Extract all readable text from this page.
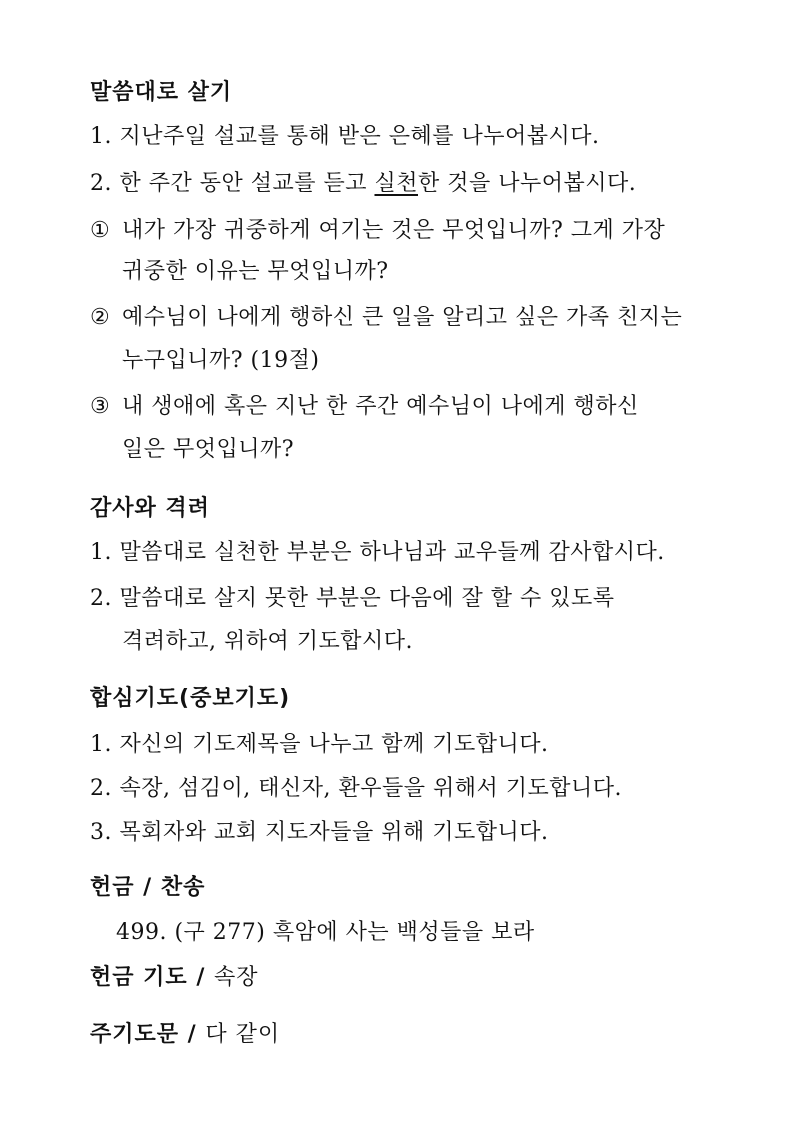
말씀대로 살기
1. 지난주일 설교를 통해 받은 은혜를 나누어봅시다.
2. 한 주간 동안 설교를 듣고 실천한 것을 나누어봅시다.
① 내가 가장 귀중하게 여기는 것은 무엇입니까? 그게 가장
귀중한 이유는 무엇입니까?
② 예수님이 나에게 행하신 큰 일을 알리고 싶은 가족 친지는
누구입니까? (19절)
③ 내 생애에 혹은 지난 한 주간 예수님이 나에게 행하신
일은 무엇입니까?
감사와 격려
1. 말씀대로 실천한 부분은 하나님과 교우들께 감사합시다.
2. 말씀대로 살지 못한 부분은 다음에 잘 할 수 있도록
격려하고, 위하여 기도합시다.
합심기도(중보기도)
1. 자신의 기도제목을 나누고 함께 기도합니다.
2. 속장, 섬김이, 태신자, 환우들을 위해서 기도합니다.
3. 목회자와 교회 지도자들을 위해 기도합니다.
헌금 / 찬송
499. (구 277) 흑암에 사는 백성들을 보라
헌금 기도 / 속장
주기도문 / 다 같이
